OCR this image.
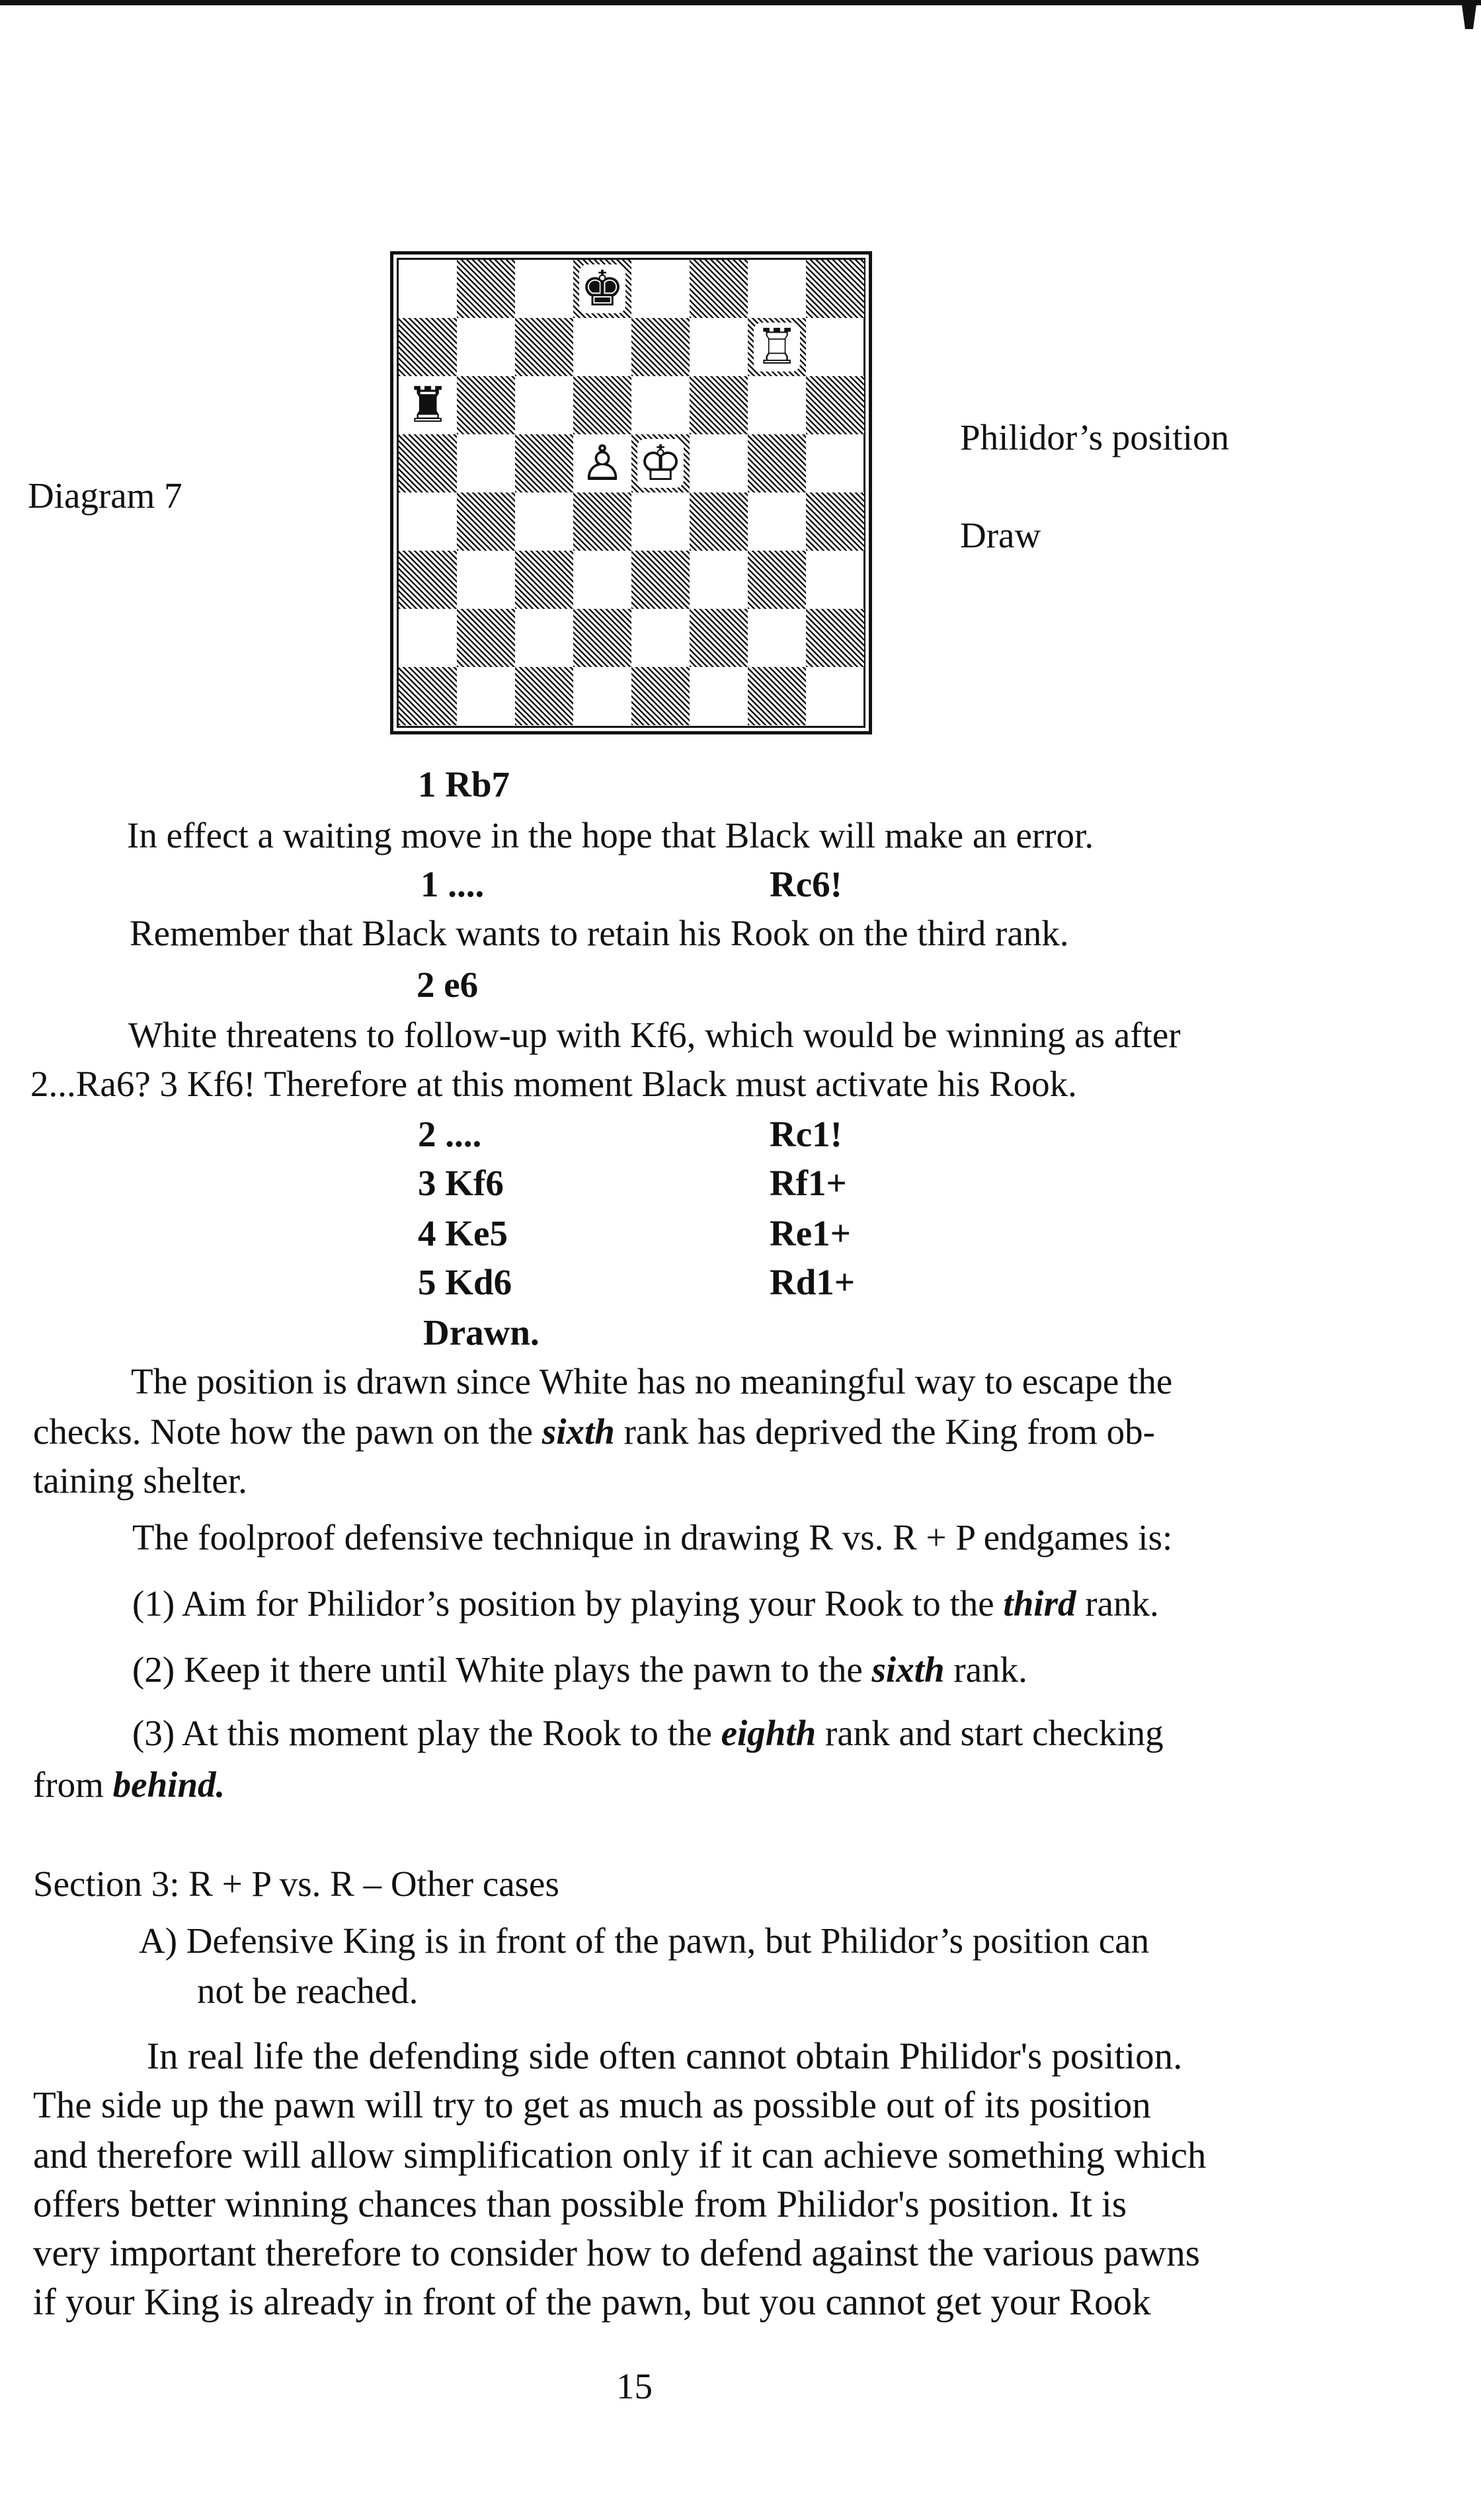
Diagram 7
♚
♖
♜
♙ ♔	Philidor’s position
Draw
1 Rb7
In effect a waiting move in the hope that Black will make an error.
1 ....	Rc6!
Remember that Black wants to retain his Rook on the third rank.
2 e6
White threatens to follow-up with Kf6, which would be winning as after
2...Ra6? 3 Kf6! Therefore at this moment Black must activate his Rook.
2 ....	Rc1!
3 Kf6	Rf1+
4 Ke5	Re1+
5 Kd6	Rd1+
Drawn.
The position is drawn since White has no meaningful way to escape the
checks. Note how the pawn on the sixth rank has deprived the King from ob-
taining shelter.
The foolproof defensive technique in drawing R vs. R + P endgames is:
(1) Aim for Philidor’s position by playing your Rook to the third rank.
(2) Keep it there until White plays the pawn to the sixth rank.
(3) At this moment play the Rook to the eighth rank and start checking
from behind.
Section 3: R + P vs. R – Other cases
A) Defensive King is in front of the pawn, but Philidor’s position can
not be reached.
In real life the defending side often cannot obtain Philidor's position.
The side up the pawn will try to get as much as possible out of its position
and therefore will allow simplification only if it can achieve something which
offers better winning chances than possible from Philidor's position. It is
very important therefore to consider how to defend against the various pawns
if your King is already in front of the pawn, but you cannot get your Rook
15
